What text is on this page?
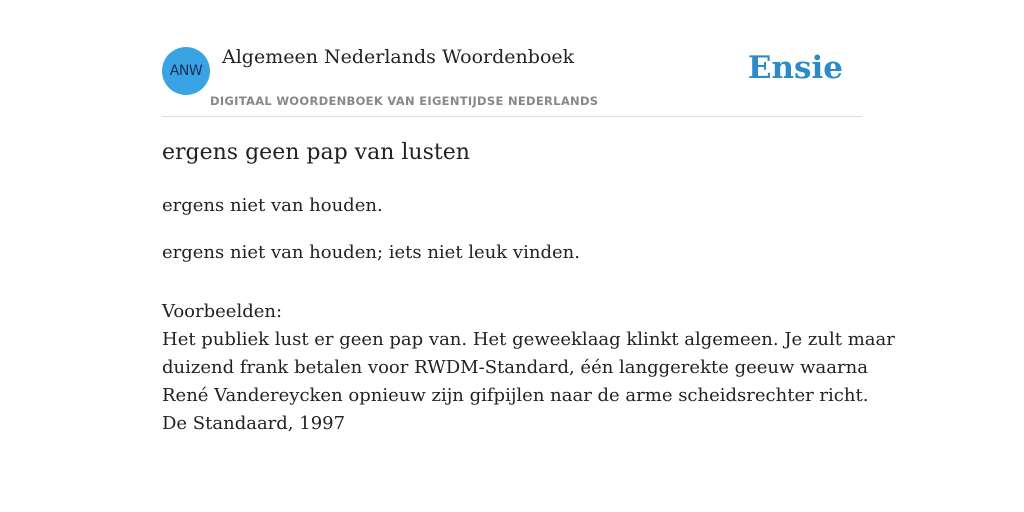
ANW
Algemeen Nederlands Woordenboek
DIGITAAL WOORDENBOEK VAN EIGENTIJDSE NEDERLANDS
Ensie
ergens geen pap van lusten
ergens niet van houden.
ergens niet van houden; iets niet leuk vinden.
Voorbeelden:
Het publiek lust er geen pap van. Het geweeklaag klinkt algemeen. Je zult maar
duizend frank betalen voor RWDM-Standard, één langgerekte geeuw waarna
René Vandereycken opnieuw zijn gifpijlen naar de arme scheidsrechter richt.
De Standaard, 1997
